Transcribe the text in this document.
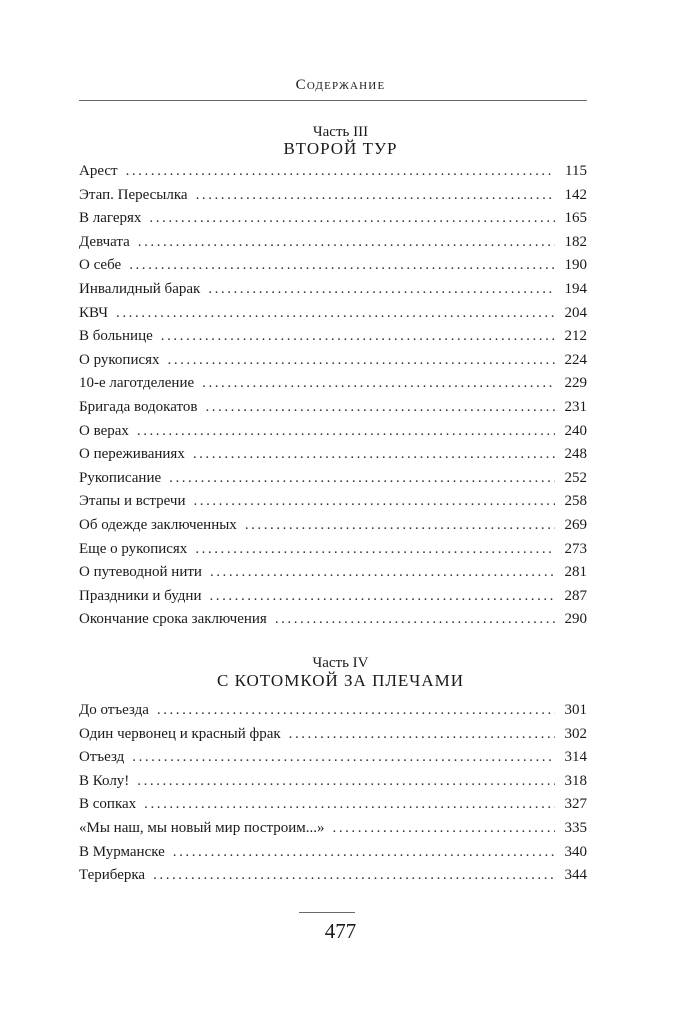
Содержание
Часть III
ВТОРОЙ ТУР
Арест . . .	115
Этап. Пересылка . . .	142
В лагерях . . .	165
Девчата . . .	182
О себе . . .	190
Инвалидный барак . . .	194
КВЧ . . .	204
В больнице . . .	212
О рукописях . . .	224
10-е лаготделение . . .	229
Бригада водокатов . . .	231
О верах . . .	240
О переживаниях . . .	248
Рукописание . . .	252
Этапы и встречи . . .	258
Об одежде заключенных . . .	269
Еще о рукописях . . .	273
О путеводной нити . . .	281
Праздники и будни . . .	287
Окончание срока заключения . . .	290
Часть IV
С КОТОМКОЙ ЗА ПЛЕЧАМИ
До отъезда . . .	301
Один червонец и красный фрак . . .	302
Отъезд . . .	314
В Колу! . . .	318
В сопках . . .	327
«Мы наш, мы новый мир построим...» . . .	335
В Мурманске . . .	340
Териберка . . .	344
477
